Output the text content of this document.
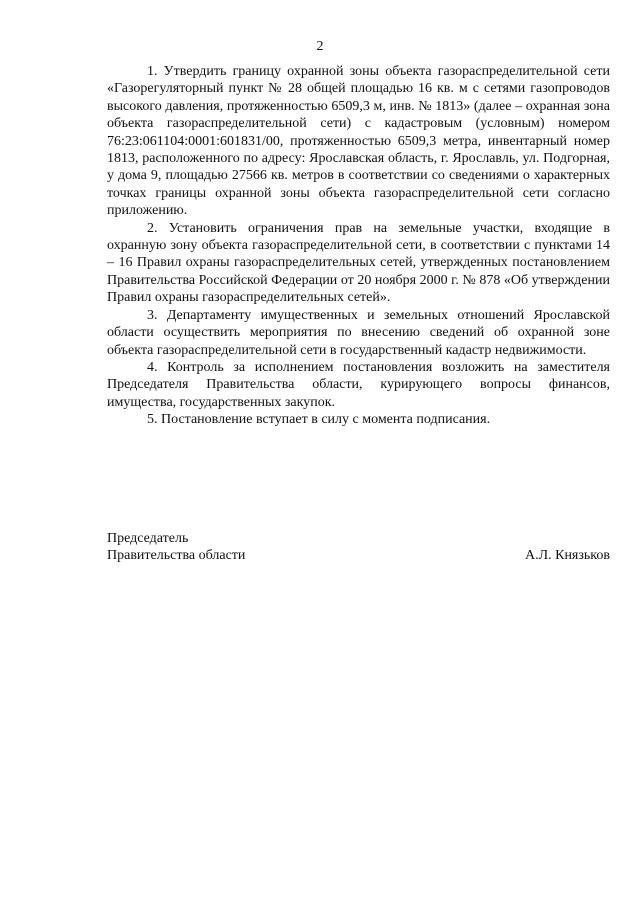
2

1. Утвердить границу охранной зоны объекта газораспределительной сети «Газорегуляторный пункт № 28 общей площадью 16 кв. м с сетями газопроводов высокого давления, протяженностью 6509,3 м, инв. № 1813» (далее – охранная зона объекта газораспределительной сети) с кадастровым (условным) номером 76:23:061104:0001:601831/00, протяженностью 6509,3 метра, инвентарный номер 1813, расположенного по адресу: Ярославская область, г. Ярославль, ул. Подгорная, у дома 9, площадью 27566 кв. метров в соответствии со сведениями о характерных точках границы охранной зоны объекта газораспределительной сети согласно приложению.

2. Установить ограничения прав на земельные участки, входящие в охранную зону объекта газораспределительной сети, в соответствии с пунктами 14 – 16 Правил охраны газораспределительных сетей, утвержденных постановлением Правительства Российской Федерации от 20 ноября 2000 г. № 878 «Об утверждении Правил охраны газораспределительных сетей».

3. Департаменту имущественных и земельных отношений Ярославской области осуществить мероприятия по внесению сведений об охранной зоне объекта газораспределительной сети в государственный кадастр недвижимости.

4. Контроль за исполнением постановления возложить на заместителя Председателя Правительства области, курирующего вопросы финансов, имущества, государственных закупок.

5. Постановление вступает в силу с момента подписания.

Председатель
Правительства области	А.Л. Князьков
